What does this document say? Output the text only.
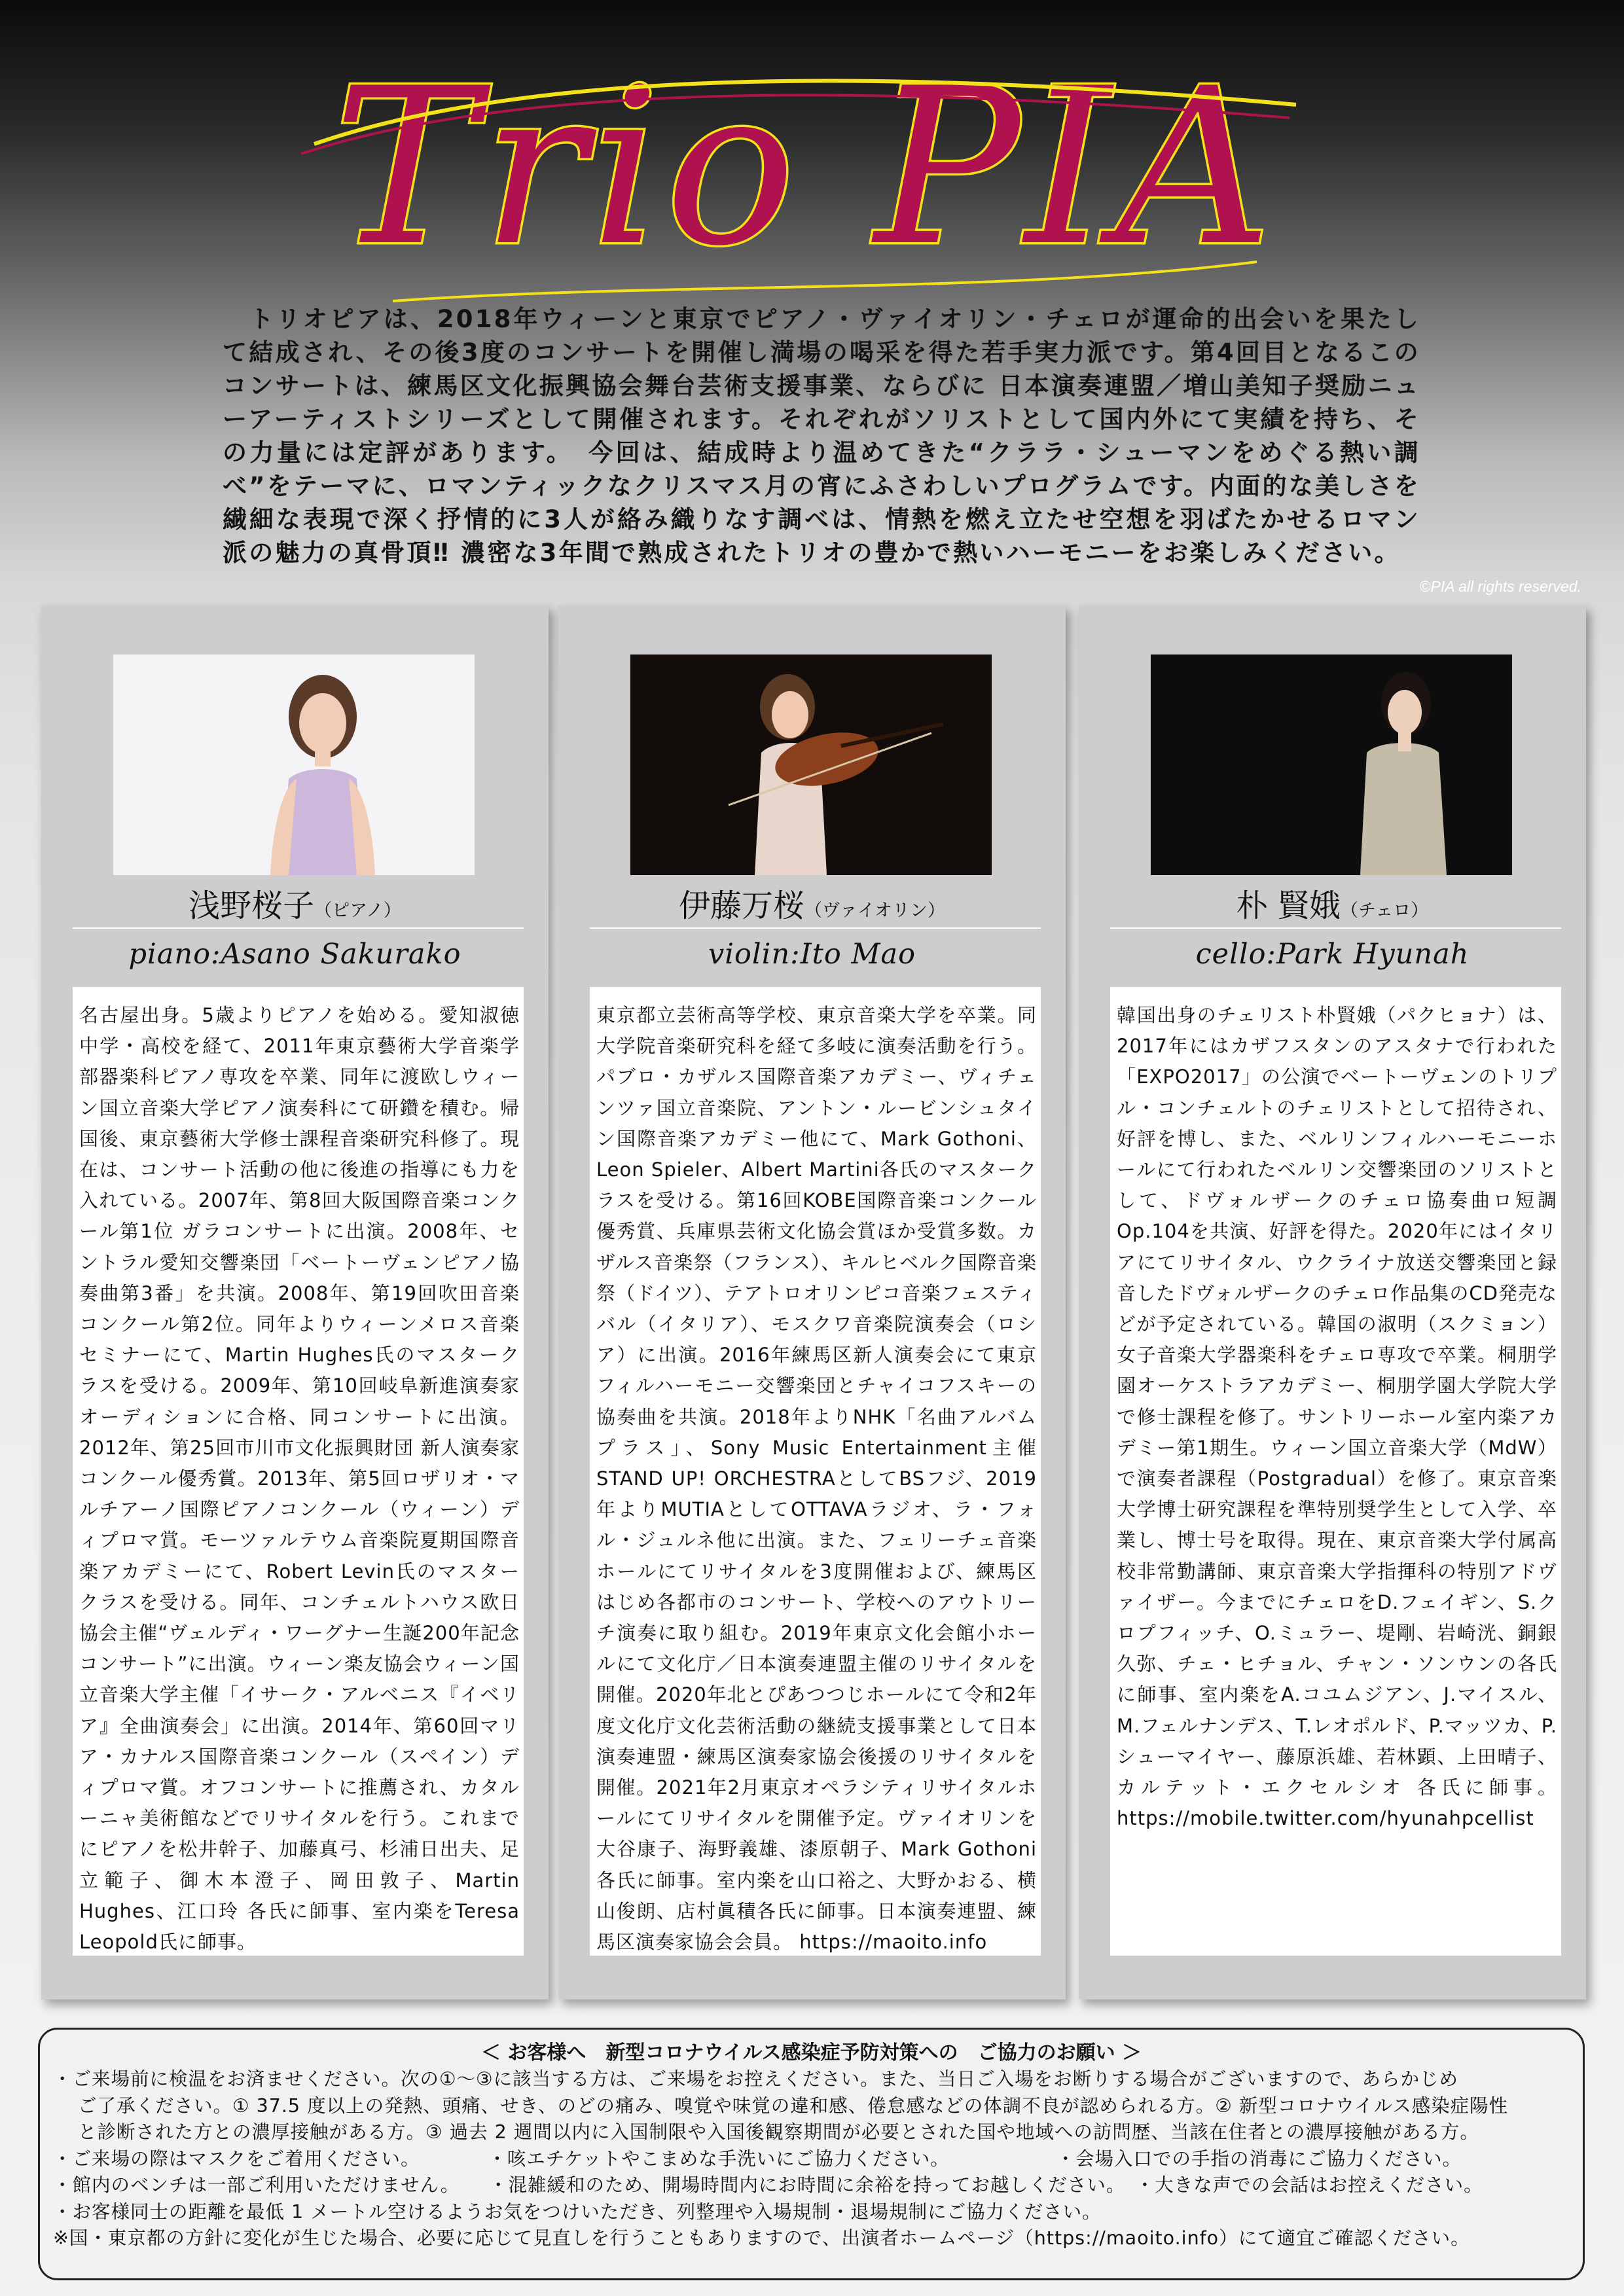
Trio PIA

　トリオピアは、2018年ウィーンと東京でピアノ・ヴァイオリン・チェロが運命的出会いを果たして結成され、その後3度のコンサートを開催し満場の喝采を得た若手実力派です。第4回目となるこのコンサートは、練馬区文化振興協会舞台芸術支援事業、ならびに 日本演奏連盟／増山美知子奨励ニューアーティストシリーズとして開催されます。それぞれがソリストとして国内外にて実績を持ち、その力量には定評があります。　今回は、結成時より温めてきた“クララ・シューマンをめぐる熱い調べ”をテーマに、ロマンティックなクリスマス月の宵にふさわしいプログラムです。内面的な美しさを繊細な表現で深く抒情的に3人が絡み織りなす調べは、情熱を燃え立たせ空想を羽ばたかせるロマン派の魅力の真骨頂‼ 濃密な3年間で熟成されたトリオの豊かで熱いハーモニーをお楽しみください。

©PIA all rights reserved.
浅野桜子（ピアノ）
piano:Asano Sakurako

名古屋出身。5歳よりピアノを始める。愛知淑徳中学・高校を経て、2011年東京藝術大学音楽学部器楽科ピアノ専攻を卒業、同年に渡欧しウィーン国立音楽大学ピアノ演奏科にて研鑽を積む。帰国後、東京藝術大学修士課程音楽研究科修了。現在は、コンサート活動の他に後進の指導にも力を入れている。2007年、第8回大阪国際音楽コンクール第1位 ガラコンサートに出演。2008年、セントラル愛知交響楽団「ベートーヴェンピアノ協奏曲第3番」を共演。2008年、第19回吹田音楽コンクール第2位。同年よりウィーンメロス音楽セミナーにて、Martin Hughes氏のマスタークラスを受ける。2009年、第10回岐阜新進演奏家オーディションに合格、同コンサートに出演。2012年、第25回市川市文化振興財団 新人演奏家コンクール優秀賞。2013年、第5回ロザリオ・マルチアーノ国際ピアノコンクール（ウィーン）ディプロマ賞。モーツァルテウム音楽院夏期国際音楽アカデミーにて、Robert Levin氏のマスタークラスを受ける。同年、コンチェルトハウス欧日協会主催“ヴェルディ・ワーグナー生誕200年記念コンサート”に出演。ウィーン楽友協会ウィーン国立音楽大学主催「イサーク・アルベニス『イベリア』全曲演奏会」に出演。2014年、第60回マリア・カナルス国際音楽コンクール（スペイン）ディプロマ賞。オフコンサートに推薦され、カタルーニャ美術館などでリサイタルを行う。これまでにピアノを松井幹子、加藤真弓、杉浦日出夫、足立範子、御木本澄子、岡田敦子、Martin Hughes、江口玲 各氏に師事、室内楽をTeresa Leopold氏に師事。

伊藤万桜（ヴァイオリン）
violin:Ito Mao

東京都立芸術高等学校、東京音楽大学を卒業。同大学院音楽研究科を経て多岐に演奏活動を行う。パブロ・カザルス国際音楽アカデミー、ヴィチェンツァ国立音楽院、アントン・ルービンシュタイン国際音楽アカデミー他にて、Mark Gothoni、Leon Spieler、Albert Martini各氏のマスタークラスを受ける。第16回KOBE国際音楽コンクール優秀賞、兵庫県芸術文化協会賞ほか受賞多数。カザルス音楽祭（フランス）、キルヒベルク国際音楽祭（ドイツ）、テアトロオリンピコ音楽フェスティバル（イタリア）、モスクワ音楽院演奏会（ロシア）に出演。2016年練馬区新人演奏会にて東京フィルハーモニー交響楽団とチャイコフスキーの協奏曲を共演。2018年よりNHK「名曲アルバムプラス」、Sony Music Entertainment主催STAND UP! ORCHESTRAとしてBSフジ、2019年よりMUTIAとしてOTTAVAラジオ、ラ・フォル・ジュルネ他に出演。また、フェリーチェ音楽ホールにてリサイタルを3度開催および、練馬区はじめ各都市のコンサート、学校へのアウトリーチ演奏に取り組む。2019年東京文化会館小ホールにて文化庁／日本演奏連盟主催のリサイタルを開催。2020年北とぴあつつじホールにて令和2年度文化庁文化芸術活動の継続支援事業として日本演奏連盟・練馬区演奏家協会後援のリサイタルを開催。2021年2月東京オペラシティリサイタルホールにてリサイタルを開催予定。ヴァイオリンを大谷康子、海野義雄、漆原朝子、Mark Gothoni各氏に師事。室内楽を山口裕之、大野かおる、横山俊朗、店村眞積各氏に師事。日本演奏連盟、練馬区演奏家協会会員。 https://maoito.info

朴 賢娥（チェロ）
cello:Park Hyunah

韓国出身のチェリスト朴賢娥（パクヒョナ）は、2017年にはカザフスタンのアスタナで行われた「EXPO2017」の公演でベートーヴェンのトリプル・コンチェルトのチェリストとして招待され、好評を博し、また、ベルリンフィルハーモニーホールにて行われたベルリン交響楽団のソリストとして、ドヴォルザークのチェロ協奏曲ロ短調Op.104を共演、好評を得た。2020年にはイタリアにてリサイタル、ウクライナ放送交響楽団と録音したドヴォルザークのチェロ作品集のCD発売などが予定されている。韓国の淑明（スクミョン）女子音楽大学器楽科をチェロ専攻で卒業。桐朋学園オーケストラアカデミー、桐朋学園大学院大学で修士課程を修了。サントリーホール室内楽アカデミー第1期生。ウィーン国立音楽大学（MdW）で演奏者課程（Postgradual）を修了。東京音楽大学博士研究課程を準特別奨学生として入学、卒業し、博士号を取得。現在、東京音楽大学付属高校非常勤講師、東京音楽大学指揮科の特別アドヴァイザー。今までにチェロをD.フェイギン、S.クロプフィッチ、O.ミュラー、堤剛、岩崎洸、銅銀久弥、チェ・ヒチョル、チャン・ソンウンの各氏に師事、室内楽をA.コユムジアン、J.マイスル、M.フェルナンデス、T.レオポルド、P.マッツカ、P.シューマイヤー、藤原浜雄、若林顕、上田晴子、カルテット・エクセルシオ 各氏に師事。 https://mobile.twitter.com/hyunahpcellist

＜ お客様へ　新型コロナウイルス感染症予防対策への　ご協力のお願い ＞
・ご来場前に検温をお済ませください。次の①〜③に該当する方は、ご来場をお控えください。また、当日ご入場をお断りする場合がございますので、あらかじめ
ご了承ください。① 37.5 度以上の発熱、頭痛、せき、のどの痛み、嗅覚や味覚の違和感、倦怠感などの体調不良が認められる方。② 新型コロナウイルス感染症陽性
と診断された方との濃厚接触がある方。③ 過去 2 週間以内に入国制限や入国後観察期間が必要とされた国や地域への訪問歴、当該在住者との濃厚接触がある方。
・ご来場の際はマスクをご着用ください。　　　　・咳エチケットやこまめな手洗いにご協力ください。　　　　　　・会場入口での手指の消毒にご協力ください。
・館内のベンチは一部ご利用いただけません。　　・混雑緩和のため、開場時間内にお時間に余裕を持ってお越しください。　・大きな声での会話はお控えください。
・お客様同士の距離を最低 1 メートル空けるようお気をつけいただき、列整理や入場規制・退場規制にご協力ください。
※国・東京都の方針に変化が生じた場合、必要に応じて見直しを行うこともありますので、出演者ホームページ（https://maoito.info）にて適宜ご確認ください。
